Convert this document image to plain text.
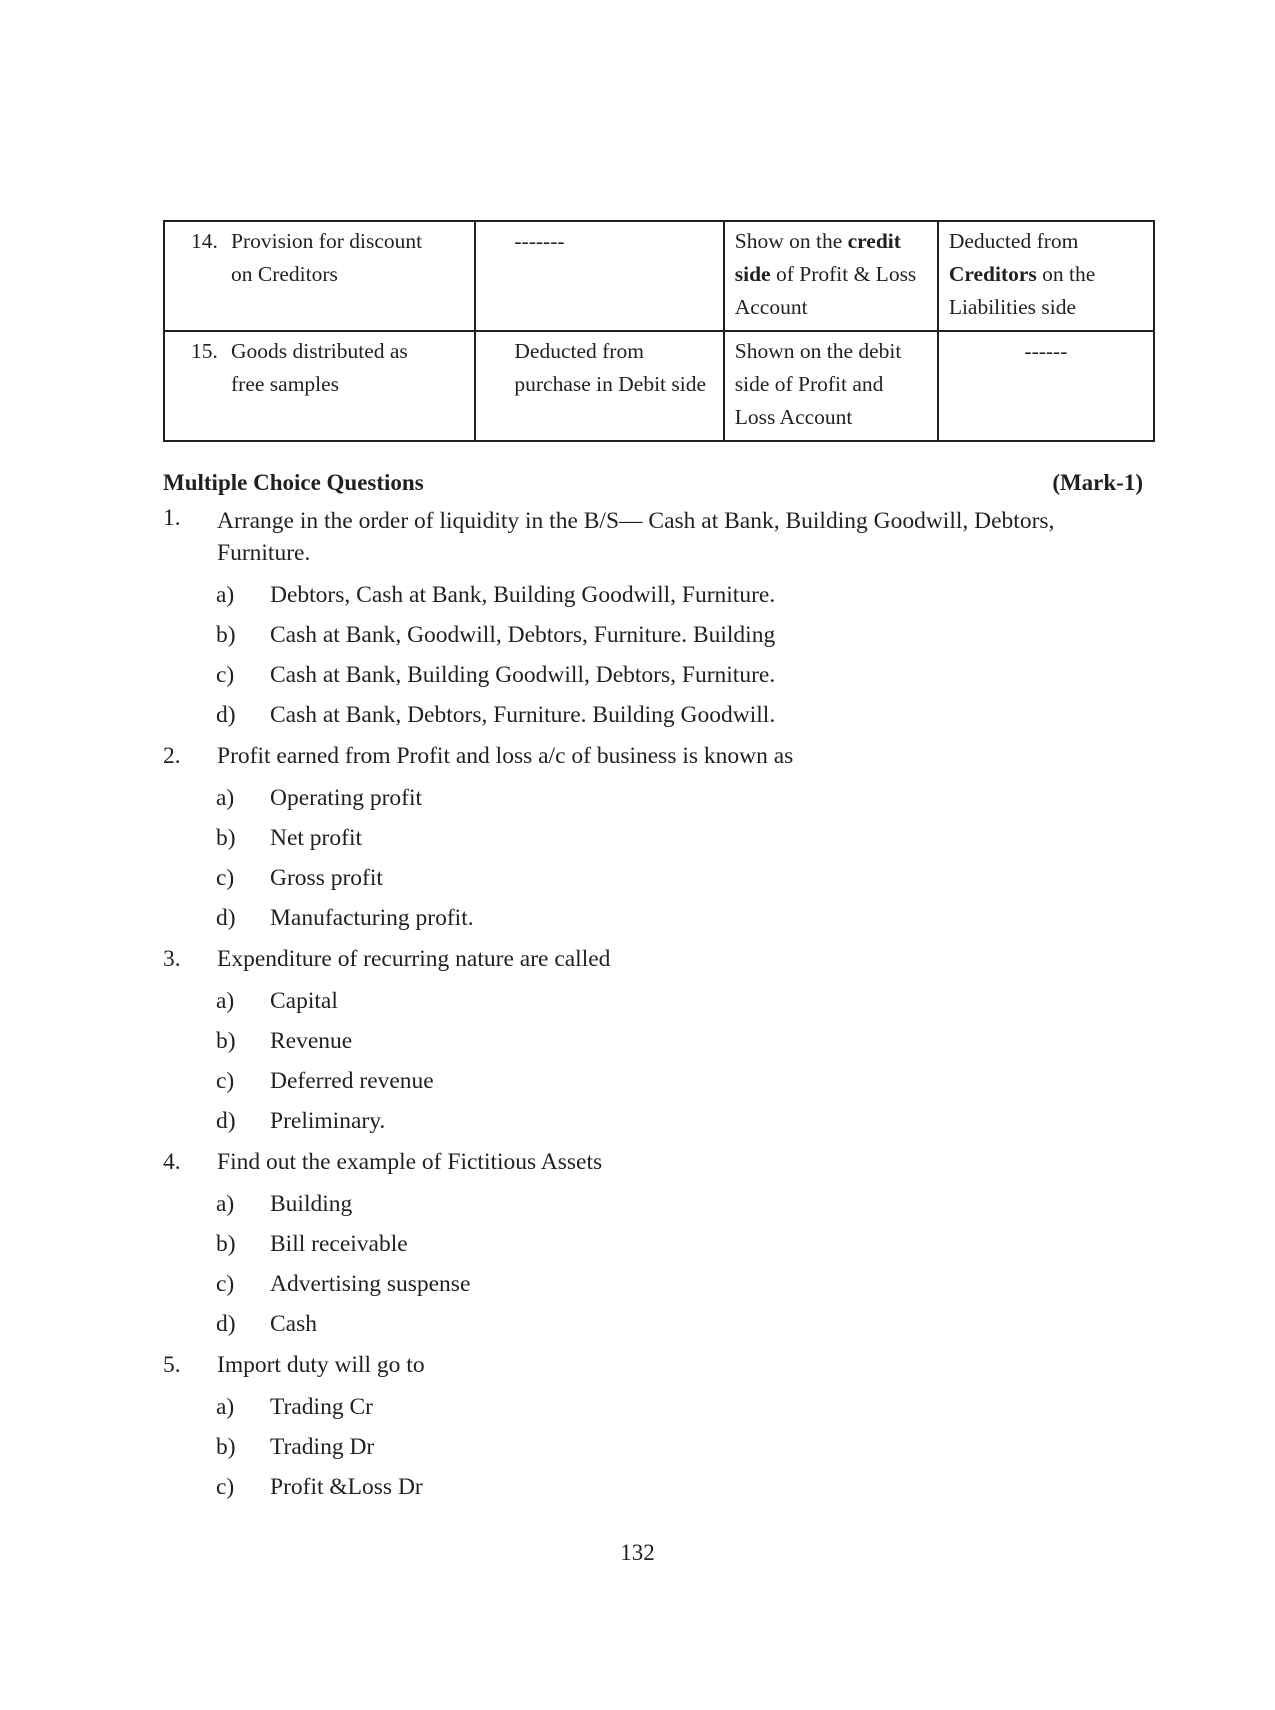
14. Provision for discount on Creditors	-------	Show on the credit side of Profit & Loss Account	Deducted from Creditors on the Liabilities side
15. Goods distributed as free samples	Deducted from purchase in Debit side	Shown on the debit side of Profit and Loss Account	------
Multiple Choice Questions	(Mark-1)
1. Arrange in the order of liquidity in the B/S— Cash at Bank, Building Goodwill, Debtors,
Furniture.
a) Debtors, Cash at Bank, Building Goodwill, Furniture.
b) Cash at Bank, Goodwill, Debtors, Furniture. Building
c) Cash at Bank, Building Goodwill, Debtors, Furniture.
d) Cash at Bank, Debtors, Furniture. Building Goodwill.
2. Profit earned from Profit and loss a/c of business is known as
a) Operating profit
b) Net profit
c) Gross profit
d) Manufacturing profit.
3. Expenditure of recurring nature are called
a) Capital
b) Revenue
c) Deferred revenue
d) Preliminary.
4. Find out the example of Fictitious Assets
a) Building
b) Bill receivable
c) Advertising suspense
d) Cash
5. Import duty will go to
a) Trading Cr
b) Trading Dr
c) Profit &Loss Dr
132
